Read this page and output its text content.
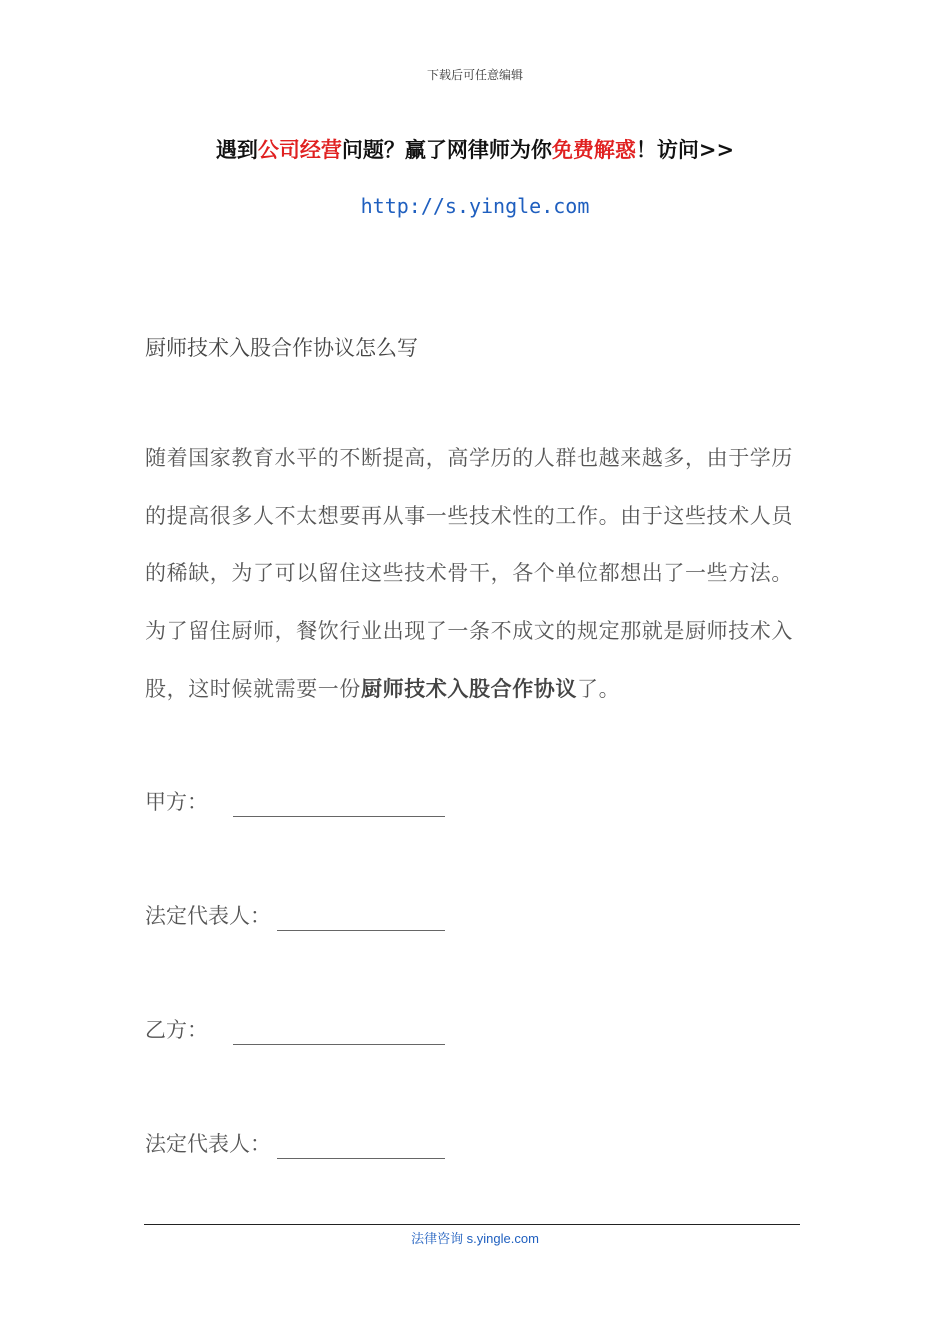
下载后可任意编辑
遇到公司经营问题？赢了网律师为你免费解惑！访问>>
http://s.yingle.com
厨师技术入股合作协议怎么写
随着国家教育水平的不断提高，高学历的人群也越来越多，由于学历的提高很多人不太想要再从事一些技术性的工作。由于这些技术人员的稀缺，为了可以留住这些技术骨干，各个单位都想出了一些方法。为了留住厨师，餐饮行业出现了一条不成文的规定那就是厨师技术入股，这时候就需要一份厨师技术入股合作协议了。
甲方：
法定代表人：
乙方：
法定代表人：
法律咨询 s.yingle.com
